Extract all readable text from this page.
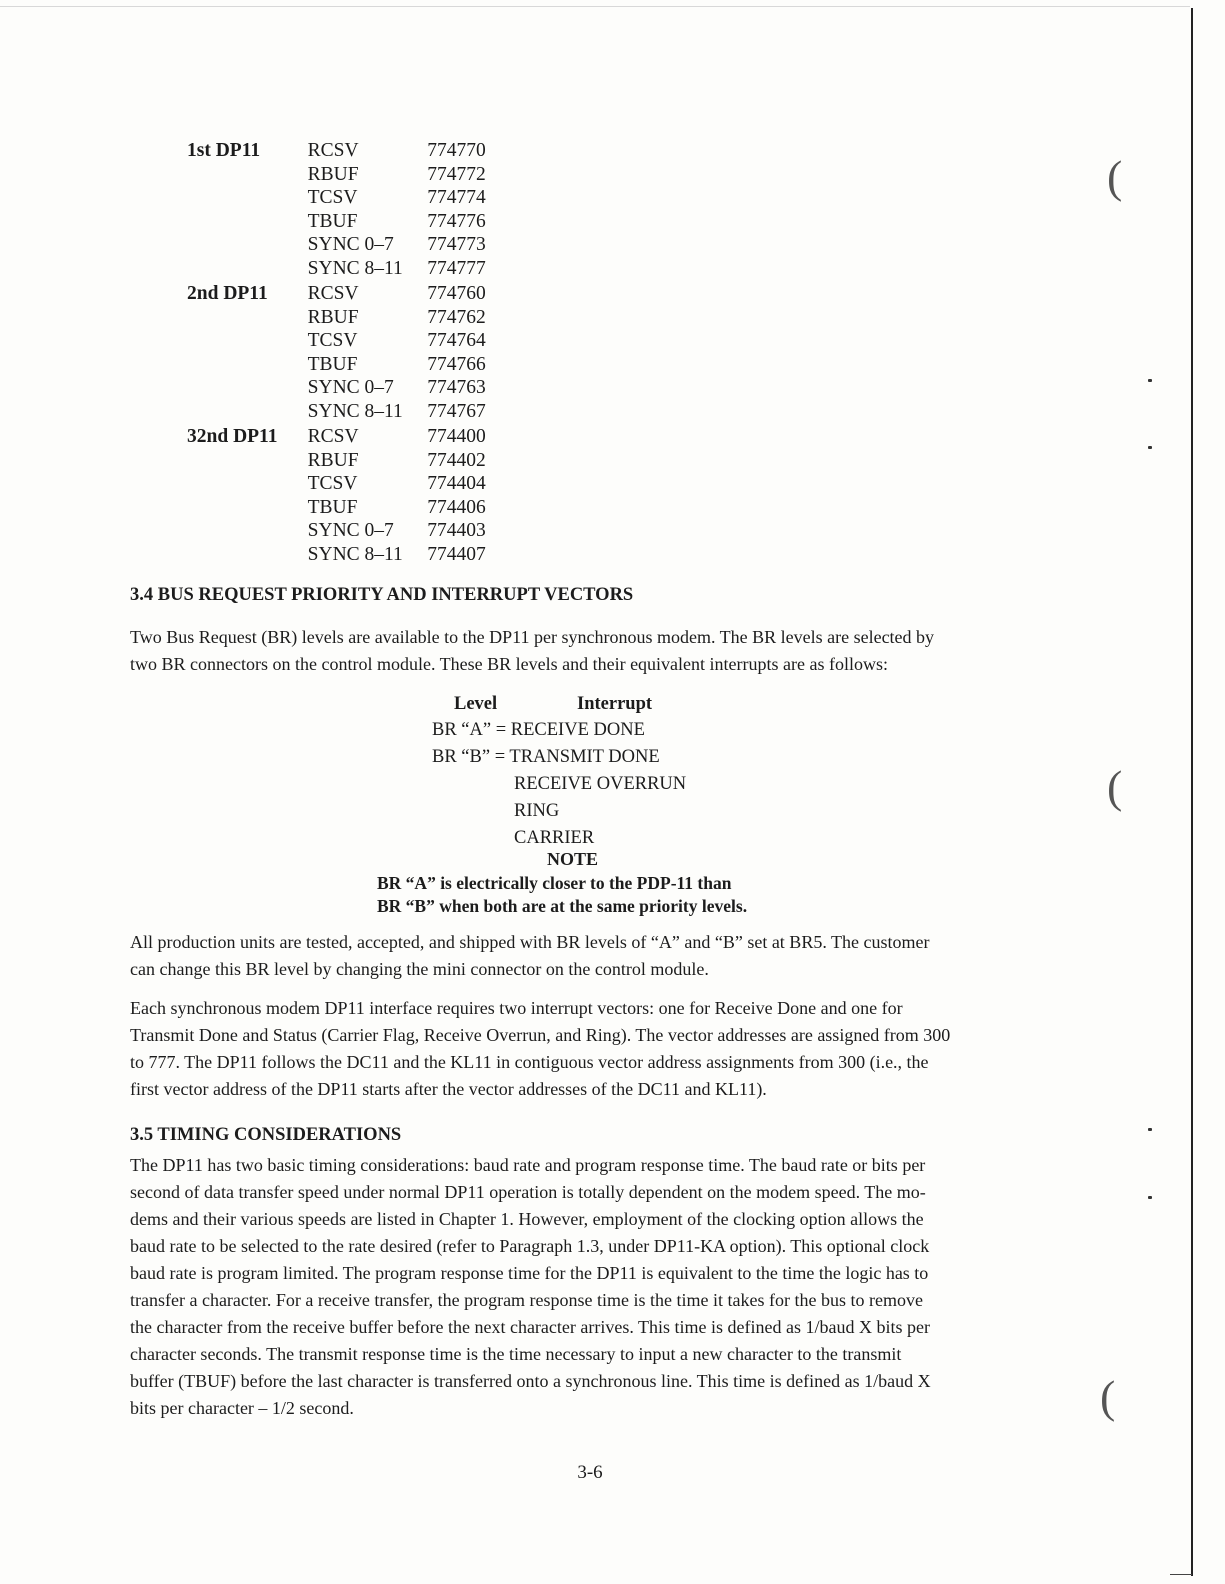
1st DP11	RCSV	774770
RBUF	774772
TCSV	774774
TBUF	774776
SYNC 0–7	774773
SYNC 8–11	774777
2nd DP11	RCSV	774760
RBUF	774762
TCSV	774764
TBUF	774766
SYNC 0–7	774763
SYNC 8–11	774767
32nd DP11	RCSV	774400
RBUF	774402
TCSV	774404
TBUF	774406
SYNC 0–7	774403
SYNC 8–11	774407
3.4 BUS REQUEST PRIORITY AND INTERRUPT VECTORS

Two Bus Request (BR) levels are available to the DP11 per synchronous modem. The BR levels are selected by
two BR connectors on the control module. These BR levels and their equivalent interrupts are as follows:

Level	Interrupt
BR “A” = RECEIVE DONE
BR “B” = TRANSMIT DONE
RECEIVE OVERRUN
RING
CARRIER
NOTE
BR “A” is electrically closer to the PDP-11 than
BR “B” when both are at the same priority levels.

All production units are tested, accepted, and shipped with BR levels of “A” and “B” set at BR5. The customer
can change this BR level by changing the mini connector on the control module.

Each synchronous modem DP11 interface requires two interrupt vectors: one for Receive Done and one for
Transmit Done and Status (Carrier Flag, Receive Overrun, and Ring). The vector addresses are assigned from 300
to 777. The DP11 follows the DC11 and the KL11 in contiguous vector address assignments from 300 (i.e., the
first vector address of the DP11 starts after the vector addresses of the DC11 and KL11).

3.5 TIMING CONSIDERATIONS

The DP11 has two basic timing considerations: baud rate and program response time. The baud rate or bits per
second of data transfer speed under normal DP11 operation is totally dependent on the modem speed. The mo-
dems and their various speeds are listed in Chapter 1. However, employment of the clocking option allows the
baud rate to be selected to the rate desired (refer to Paragraph 1.3, under DP11-KA option). This optional clock
baud rate is program limited. The program response time for the DP11 is equivalent to the time the logic has to
transfer a character. For a receive transfer, the program response time is the time it takes for the bus to remove
the character from the receive buffer before the next character arrives. This time is defined as 1/baud X bits per
character seconds. The transmit response time is the time necessary to input a new character to the transmit
buffer (TBUF) before the last character is transferred onto a synchronous line. This time is defined as 1/baud X
bits per character – 1/2 second.

3-6
(
(
(
